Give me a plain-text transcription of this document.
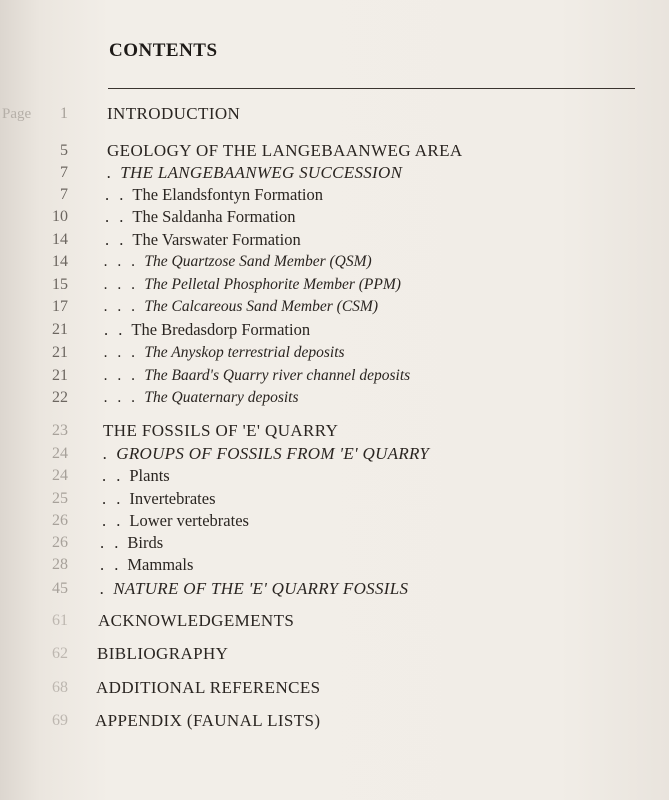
CONTENTS
Page	1 INTRODUCTION
5 GEOLOGY OF THE LANGEBAANWEG AREA
7 . THE LANGEBAANWEG SUCCESSION
7 . . The Elandsfontyn Formation
10 . . The Saldanha Formation
14 . . The Varswater Formation
14 . . . The Quartzose Sand Member (QSM)
15 . . . The Pelletal Phosphorite Member (PPM)
17 . . . The Calcareous Sand Member (CSM)
21 . . The Bredasdorp Formation
21 . . . The Anyskop terrestrial deposits
21 . . . The Baard's Quarry river channel deposits
22 . . . The Quaternary deposits
23 THE FOSSILS OF 'E' QUARRY
24 . GROUPS OF FOSSILS FROM 'E' QUARRY
24 . . Plants
25 . . Invertebrates
26 . . Lower vertebrates
26 . . Birds
28 . . Mammals
45 . NATURE OF THE 'E' QUARRY FOSSILS
61 ACKNOWLEDGEMENTS
62 BIBLIOGRAPHY
68 ADDITIONAL REFERENCES
69 APPENDIX (FAUNAL LISTS)
